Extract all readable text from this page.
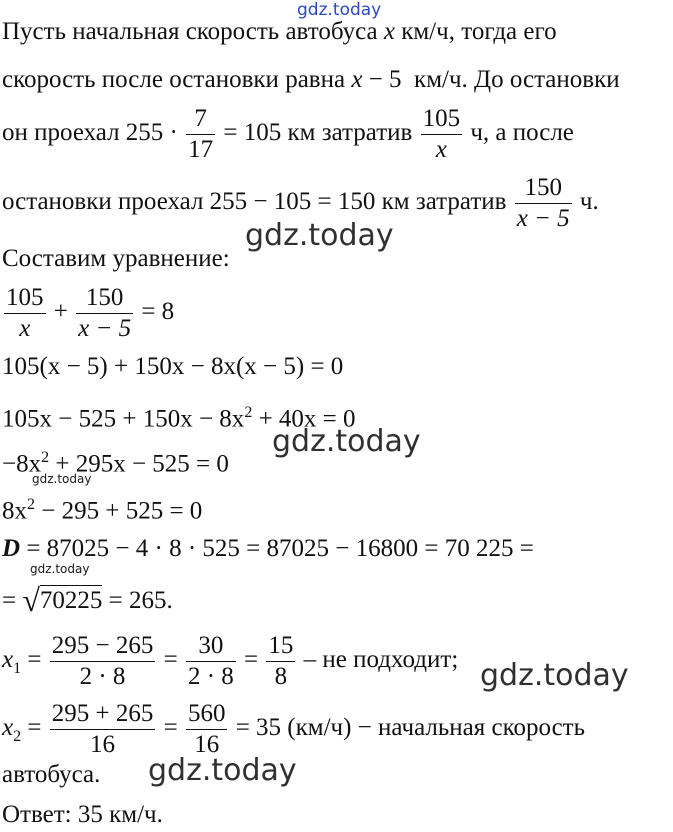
gdz.today
Пусть начальная скорость автобуса x км/ч, тогда его
скорость после остановки равна x − 5  км/ч. До остановки
он проехал $255 \cdot \frac{7}{17} = 105$ км затратив $\frac{105}{x} ч$, а после
остановки проехал 255 − 105 = 150 км затратив $\frac{150}{x - 5} ч$.
gdz.today
Составим уравнение:
$\frac{105}{x} + \frac{150}{x - 5} = 8$
105(x − 5) + 150x − 8x(x − 5) = 0
$105x - 525 + 150x - 8x^2 + 40x = 0$
gdz.today
$-8x^2 + 295x - 525 = 0$
gdz.today
$8x^2 - 295 + 525 = 0$
D = 87025 − 4 · 8 · 525 = 87025 − 16800 = 70 225 =
gdz.today
= √70225 = 265.
$x_1 = \frac{295 - 265}{2 \cdot 8} = \frac{30}{2 \cdot 8} = \frac{15}{8}$ – не подходит; gdz.today
$x_2 = \frac{295 + 265}{16} = \frac{560}{16} = 35$ (км/ч) − начальная скорость
gdz.today
автобуса.
Ответ: 35 км/ч.
